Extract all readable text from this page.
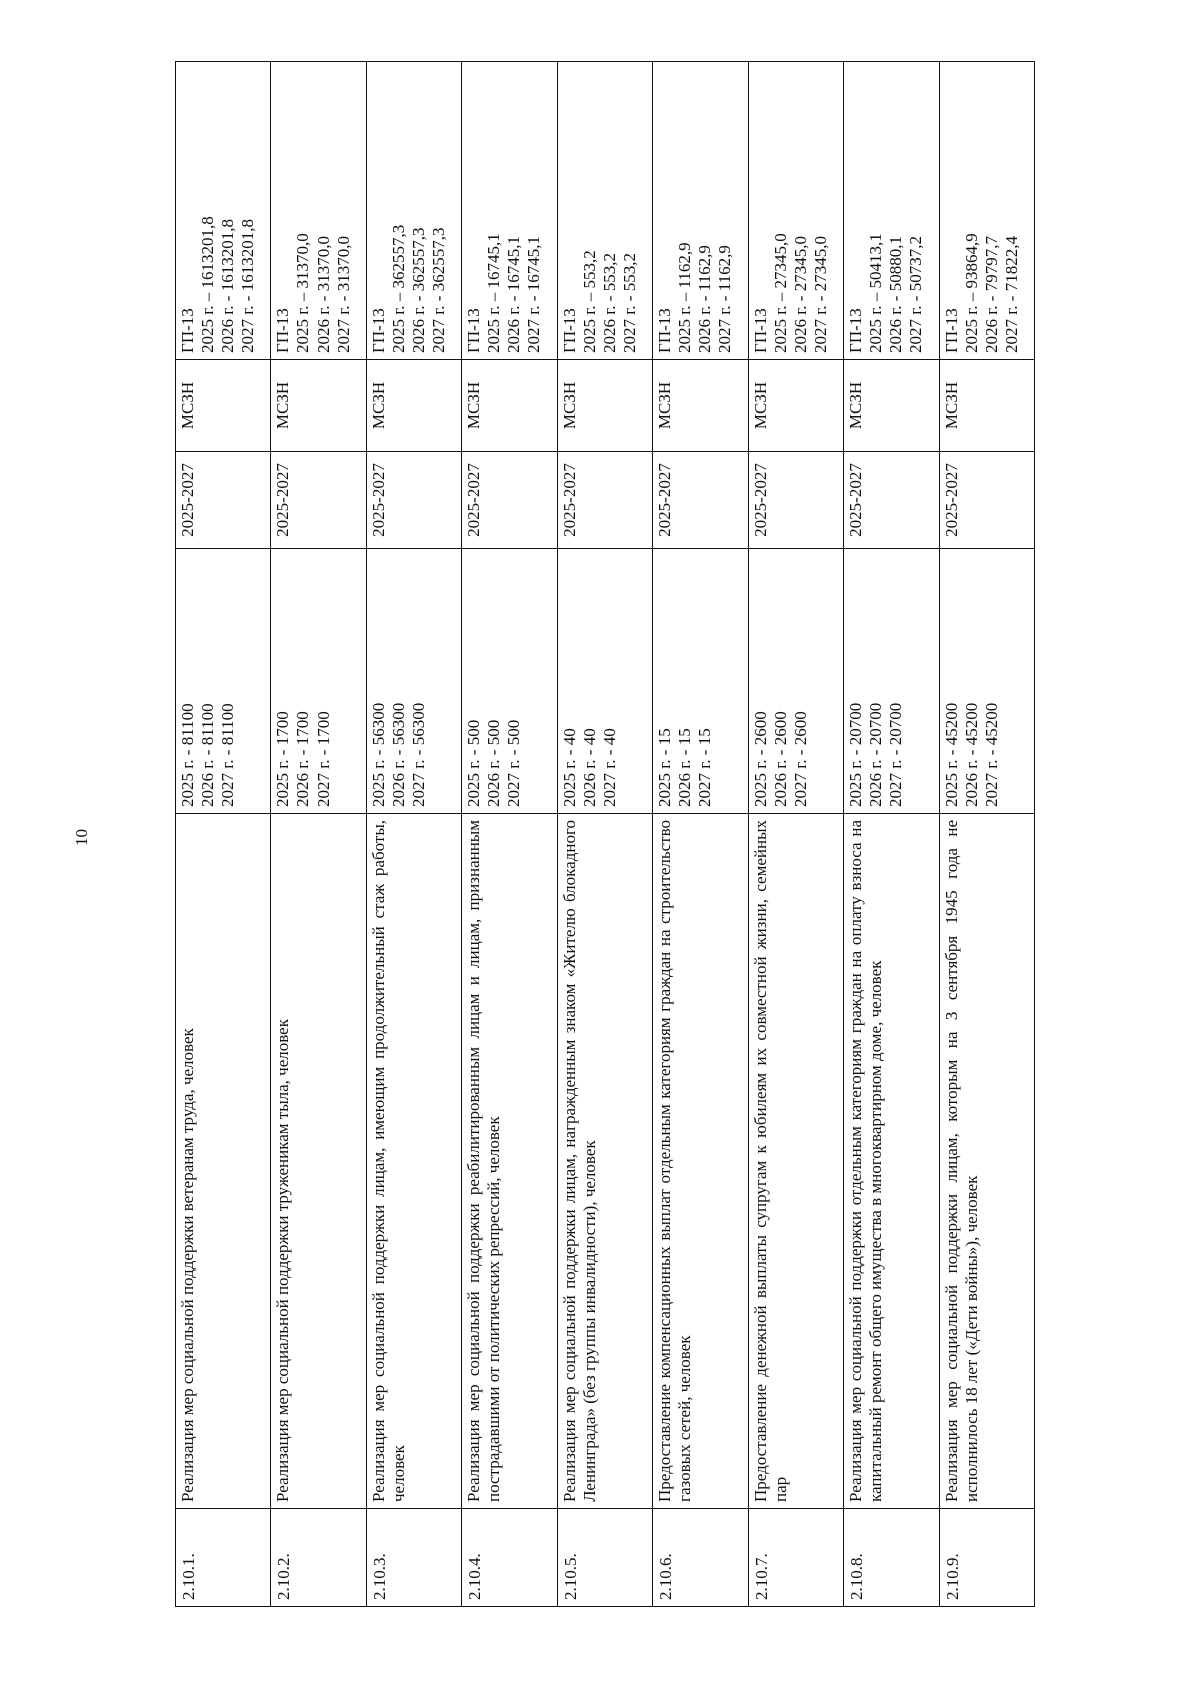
10
2.10.1.	Реализация мер социальной поддержки ветеранам труда, человек	2025 г. - 81100 2026 г. - 81100 2027 г. - 81100	2025-2027	МСЗН	ГП-13 2025 г. – 1613201,8 2026 г. - 1613201,8 2027 г. - 1613201,8

2.10.2.	Реализация мер социальной поддержки труженикам тыла, человек	2025 г. - 1700 2026 г. - 1700 2027 г. - 1700	2025-2027	МСЗН	ГП-13 2025 г. – 31370,0 2026 г. - 31370,0 2027 г. - 31370,0

2.10.3.	Реализация мер социальной поддержки лицам, имеющим продолжительный стаж работы, человек	2025 г. - 56300 2026 г. - 56300 2027 г. - 56300	2025-2027	МСЗН	ГП-13 2025 г. – 362557,3 2026 г. - 362557,3 2027 г. - 362557,3

2.10.4.	Реализация мер социальной поддержки реабилитированным лицам и лицам, признанным пострадавшими от политических репрессий, человек	2025 г. - 500 2026 г. - 500 2027 г. - 500	2025-2027	МСЗН	ГП-13 2025 г. – 16745,1 2026 г. - 16745,1 2027 г. - 16745,1

2.10.5.	Реализация мер социальной поддержки лицам, награжденным знаком «Жителю блокадного Ленинграда» (без группы инвалидности), человек	2025 г. - 40 2026 г. - 40 2027 г. - 40	2025-2027	МСЗН	ГП-13 2025 г. – 553,2 2026 г. - 553,2 2027 г. - 553,2

2.10.6.	Предоставление компенсационных выплат отдельным категориям граждан на строительство газовых сетей, человек	2025 г. - 15 2026 г. - 15 2027 г. - 15	2025-2027	МСЗН	ГП-13 2025 г. – 1162,9 2026 г. - 1162,9 2027 г. - 1162,9

2.10.7.	Предоставление денежной выплаты супругам к юбилеям их совместной жизни, семейных пар	2025 г. - 2600 2026 г. - 2600 2027 г. - 2600	2025-2027	МСЗН	ГП-13 2025 г. – 27345,0 2026 г. - 27345,0 2027 г. - 27345,0

2.10.8.	Реализация мер социальной поддержки отдельным категориям граждан на оплату взноса на капитальный ремонт общего имущества в многоквартирном доме, человек	2025 г. - 20700 2026 г. - 20700 2027 г. - 20700	2025-2027	МСЗН	ГП-13 2025 г. – 50413,1 2026 г. - 50880,1 2027 г. - 50737,2

2.10.9.	Реализация мер социальной поддержки лицам, которым на 3 сентября 1945 года не исполнилось 18 лет («Дети войны»), человек	2025 г. - 45200 2026 г. - 45200 2027 г. - 45200	2025-2027	МСЗН	ГП-13 2025 г. – 93864,9 2026 г. - 79797,7 2027 г. - 71822,4
